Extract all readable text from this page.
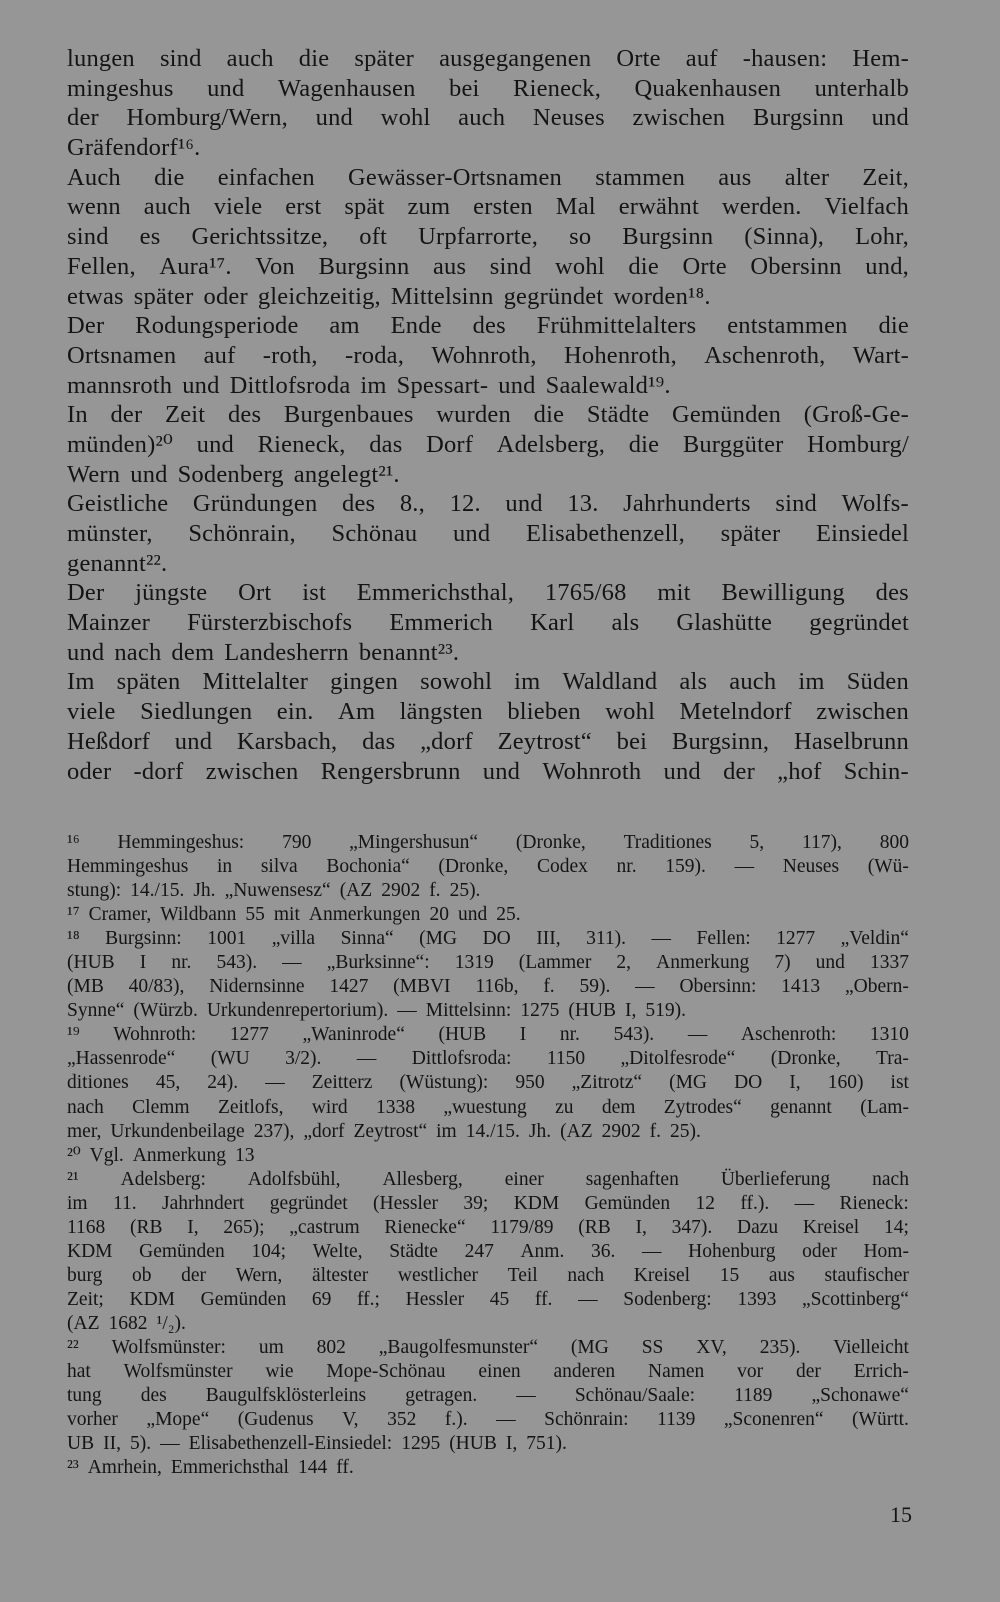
lungen sind auch die später ausgegangenen Orte auf -hausen: Hem-
mingeshus und Wagenhausen bei Rieneck, Quakenhausen unterhalb
der Homburg/Wern, und wohl auch Neuses zwischen Burgsinn und
Gräfendorf¹⁶.
Auch die einfachen Gewässer-Ortsnamen stammen aus alter Zeit,
wenn auch viele erst spät zum ersten Mal erwähnt werden. Vielfach
sind es Gerichtssitze, oft Urpfarrorte, so Burgsinn (Sinna), Lohr,
Fellen, Aura¹⁷. Von Burgsinn aus sind wohl die Orte Obersinn und,
etwas später oder gleichzeitig, Mittelsinn gegründet worden¹⁸.
Der Rodungsperiode am Ende des Frühmittelalters entstammen die
Ortsnamen auf -roth, -roda, Wohnroth, Hohenroth, Aschenroth, Wart-
mannsroth und Dittlofsroda im Spessart- und Saalewald¹⁹.
In der Zeit des Burgenbaues wurden die Städte Gemünden (Groß-Ge-
münden)²⁰ und Rieneck, das Dorf Adelsberg, die Burggüter Homburg/
Wern und Sodenberg angelegt²¹.
Geistliche Gründungen des 8., 12. und 13. Jahrhunderts sind Wolfs-
münster, Schönrain, Schönau und Elisabethenzell, später Einsiedel
genannt²².
Der jüngste Ort ist Emmerichsthal, 1765/68 mit Bewilligung des
Mainzer Fürsterzbischofs Emmerich Karl als Glashütte gegründet
und nach dem Landesherrn benannt²³.
Im späten Mittelalter gingen sowohl im Waldland als auch im Süden
viele Siedlungen ein. Am längsten blieben wohl Metelndorf zwischen
Heßdorf und Karsbach, das „dorf Zeytrost“ bei Burgsinn, Haselbrunn
oder -dorf zwischen Rengersbrunn und Wohnroth und der „hof Schin-
¹⁶ Hemmingeshus: 790 „Mingershusun“ (Dronke, Traditiones 5, 117), 800
Hemmingeshus in silva Bochonia“ (Dronke, Codex nr. 159). — Neuses (Wü-
stung): 14./15. Jh. „Nuwensesz“ (AZ 2902 f. 25).
¹⁷ Cramer, Wildbann 55 mit Anmerkungen 20 und 25.
¹⁸ Burgsinn: 1001 „villa Sinna“ (MG DO III, 311). — Fellen: 1277 „Veldin“
(HUB I nr. 543). — „Burksinne“: 1319 (Lammer 2, Anmerkung 7) und 1337
(MB 40/83), Nidernsinne 1427 (MBVI 116b, f. 59). — Obersinn: 1413 „Obern-
Synne“ (Würzb. Urkundenrepertorium). — Mittelsinn: 1275 (HUB I, 519).
¹⁹ Wohnroth: 1277 „Waninrode“ (HUB I nr. 543). — Aschenroth: 1310
„Hassenrode“ (WU 3/2). — Dittlofsroda: 1150 „Ditolfesrode“ (Dronke, Tra-
ditiones 45, 24). — Zeitterz (Wüstung): 950 „Zitrotz“ (MG DO I, 160) ist
nach Clemm Zeitlofs, wird 1338 „wuestung zu dem Zytrodes“ genannt (Lam-
mer, Urkundenbeilage 237), „dorf Zeytrost“ im 14./15. Jh. (AZ 2902 f. 25).
²⁰ Vgl. Anmerkung 13
²¹ Adelsberg: Adolfsbühl, Allesberg, einer sagenhaften Überlieferung nach
im 11. Jahrhndert gegründet (Hessler 39; KDM Gemünden 12 ff.). — Rieneck:
1168 (RB I, 265); „castrum Rienecke“ 1179/89 (RB I, 347). Dazu Kreisel 14;
KDM Gemünden 104; Welte, Städte 247 Anm. 36. — Hohenburg oder Hom-
burg ob der Wern, ältester westlicher Teil nach Kreisel 15 aus staufischer
Zeit; KDM Gemünden 69 ff.; Hessler 45 ff. — Sodenberg: 1393 „Scottinberg“
(AZ 1682 ¹/₂).
²² Wolfsmünster: um 802 „Baugolfesmunster“ (MG SS XV, 235). Vielleicht
hat Wolfsmünster wie Mope-Schönau einen anderen Namen vor der Errich-
tung des Baugulfsklösterleins getragen. — Schönau/Saale: 1189 „Schonawe“
vorher „Mope“ (Gudenus V, 352 f.). — Schönrain: 1139 „Sconenren“ (Württ.
UB II, 5). — Elisabethenzell-Einsiedel: 1295 (HUB I, 751).
²³ Amrhein, Emmerichsthal 144 ff.
15
